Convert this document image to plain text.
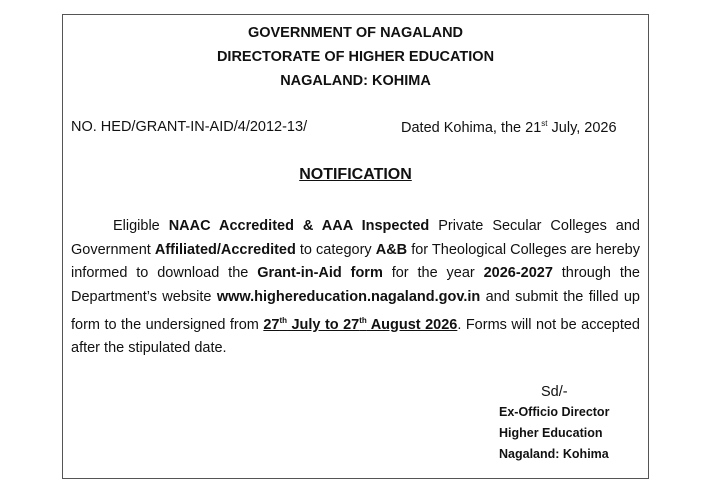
GOVERNMENT OF NAGALAND
DIRECTORATE OF HIGHER EDUCATION
NAGALAND: KOHIMA
NO. HED/GRANT-IN-AID/4/2012-13/	Dated Kohima, the 21st July, 2026
NOTIFICATION

Eligible NAAC Accredited & AAA Inspected Private Secular Colleges and Government Affiliated/Accredited to category A&B for Theological Colleges are hereby informed to download the Grant-in-Aid form for the year 2026-2027 through the Department’s website www.highereducation.nagaland.gov.in and submit the filled up form to the undersigned from 27th July to 27th August 2026. Forms will not be accepted after the stipulated date.

Sd/-
Ex-Officio Director
Higher Education
Nagaland: Kohima
